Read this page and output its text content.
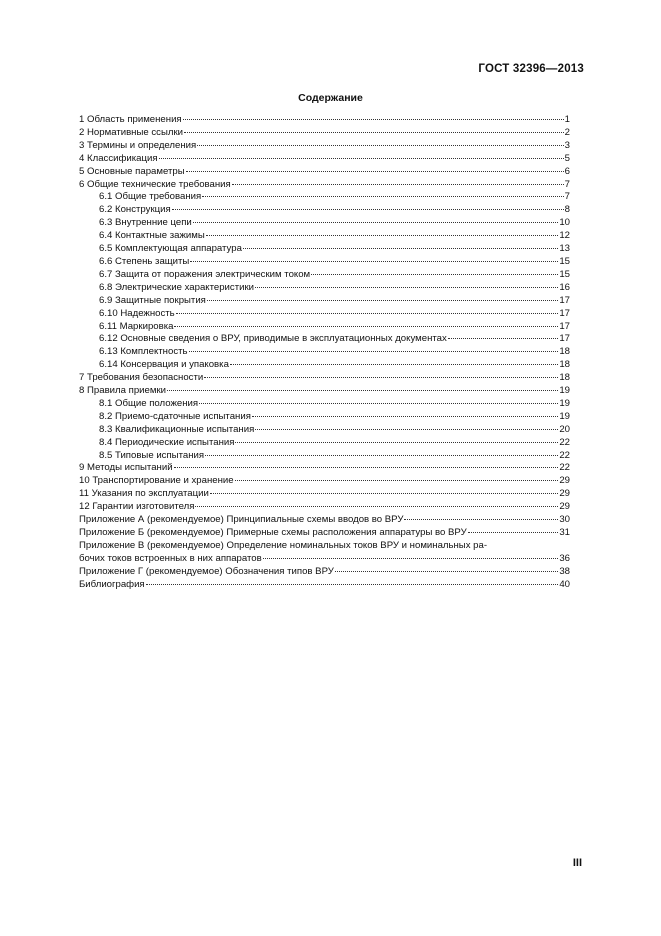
ГОСТ 32396—2013
Содержание
1 Область применения	1
2 Нормативные ссылки	2
3 Термины и определения	3
4 Классификация	5
5 Основные параметры	6
6 Общие технические требования	7
6.1 Общие требования	7
6.2 Конструкция	8
6.3 Внутренние цепи	10
6.4 Контактные зажимы	12
6.5 Комплектующая аппаратура	13
6.6 Степень защиты	15
6.7 Защита от поражения электрическим током	15
6.8 Электрические характеристики	16
6.9 Защитные покрытия	17
6.10 Надежность	17
6.11 Маркировка	17
6.12 Основные сведения о ВРУ, приводимые в эксплуатационных документах	17
6.13 Комплектность	18
6.14 Консервация и упаковка	18
7 Требования безопасности	18
8 Правила приемки	19
8.1 Общие положения	19
8.2 Приемо-сдаточные испытания	19
8.3 Квалификационные испытания	20
8.4 Периодические испытания	22
8.5 Типовые испытания	22
9 Методы испытаний	22
10 Транспортирование и хранение	29
11 Указания по эксплуатации	29
12 Гарантии изготовителя	29
Приложение А (рекомендуемое) Принципиальные схемы вводов во ВРУ	30
Приложение Б (рекомендуемое) Примерные схемы расположения аппаратуры во ВРУ	31
Приложение В (рекомендуемое) Определение номинальных токов ВРУ и номинальных ра-
бочих токов встроенных в них аппаратов	36
Приложение Г (рекомендуемое) Обозначения типов ВРУ	38
Библиография	40
III
